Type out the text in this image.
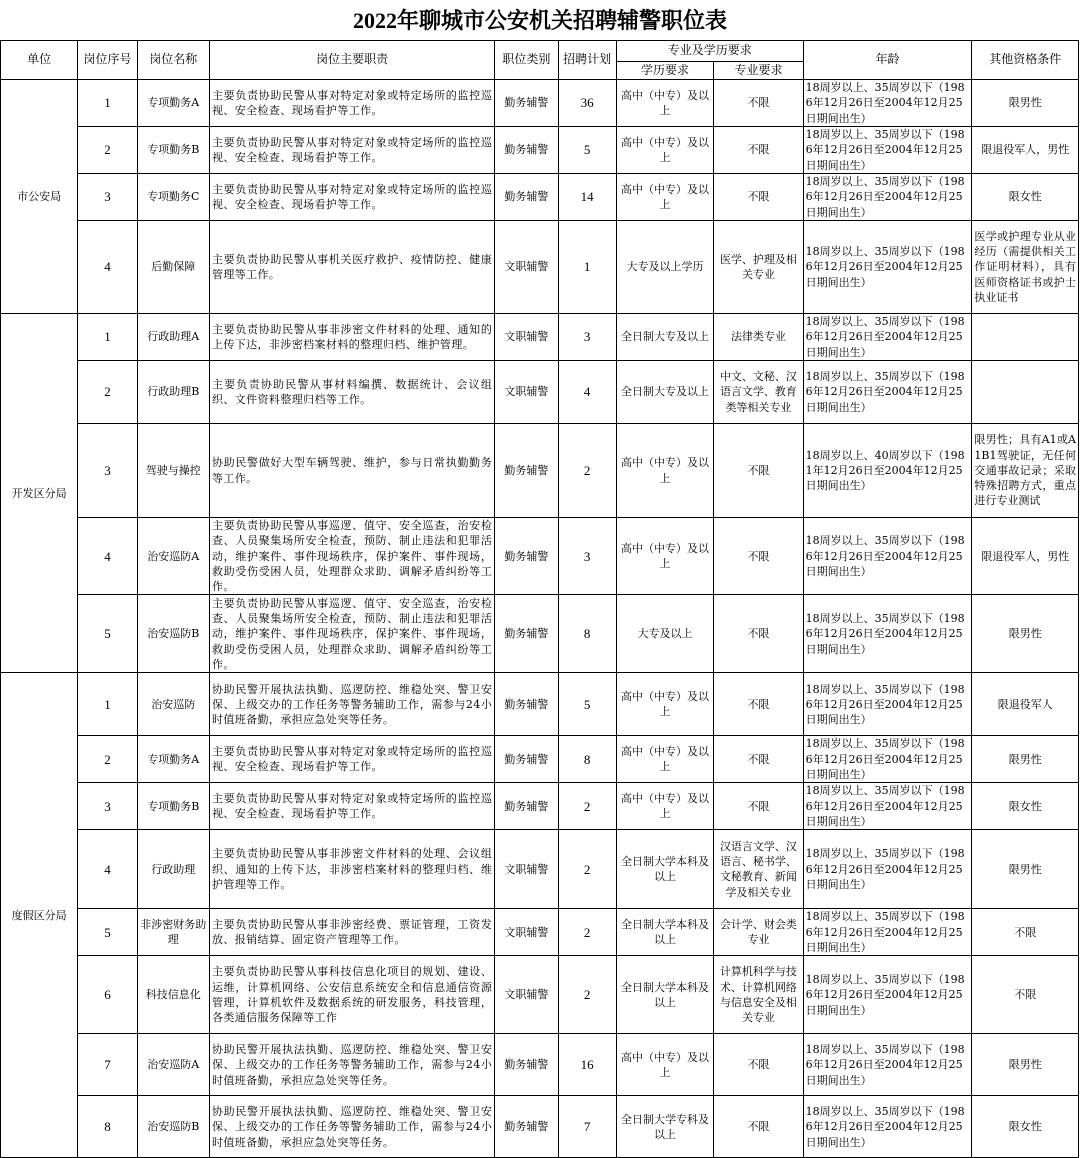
2022年聊城市公安机关招聘辅警职位表
单位	岗位序号	岗位名称	岗位主要职责	职位类别	招聘计划	专业及学历要求		年龄	其他资格条件
						学历要求	专业要求		
市公安局	1	专项勤务A	主要负责协助民警从事对特定对象或特定场所的监控巡视、安全检查、现场看护等工作。	勤务辅警	36	高中（中专）及以上	不限	18周岁以上、35周岁以下（1986年12月26日至2004年12月25日期间出生）	限男性
	2	专项勤务B	主要负责协助民警从事对特定对象或特定场所的监控巡视、安全检查、现场看护等工作。	勤务辅警	5	高中（中专）及以上	不限	18周岁以上、35周岁以下（1986年12月26日至2004年12月25日期间出生）	限退役军人，男性
	3	专项勤务C	主要负责协助民警从事对特定对象或特定场所的监控巡视、安全检查、现场看护等工作。	勤务辅警	14	高中（中专）及以上	不限	18周岁以上、35周岁以下（1986年12月26日至2004年12月25日期间出生）	限女性
	4	后勤保障	主要负责协助民警从事机关医疗救护、疫情防控、健康管理等工作。	文职辅警	1	大专及以上学历	医学、护理及相关专业	18周岁以上、35周岁以下（1986年12月26日至2004年12月25日期间出生）	医学或护理专业从业经历（需提供相关工作证明材料），具有医师资格证书或护士执业证书
开发区分局	1	行政助理A	主要负责协助民警从事非涉密文件材料的处理、通知的上传下达，非涉密档案材料的整理归档、维护管理。	文职辅警	3	全日制大专及以上	法律类专业	18周岁以上、35周岁以下（1986年12月26日至2004年12月25日期间出生）	
	2	行政助理B	主要负责协助民警从事材料编撰、数据统计、会议组织、文件资料整理归档等工作。	文职辅警	4	全日制大专及以上	中文、文秘、汉语言文学、教育类等相关专业	18周岁以上、35周岁以下（1986年12月26日至2004年12月25日期间出生）	
	3	驾驶与操控	协助民警做好大型车辆驾驶、维护，参与日常执勤勤务等工作。	勤务辅警	2	高中（中专）及以上	不限	18周岁以上、40周岁以下（1981年12月26日至2004年12月25日期间出生）	限男性；具有A1或A1B1驾驶证，无任何交通事故记录；采取特殊招聘方式，重点进行专业测试
	4	治安巡防A	主要负责协助民警从事巡逻、值守、安全巡查，治安检查、人员聚集场所安全检查，预防、制止违法和犯罪活动，维护案件、事件现场秩序，保护案件、事件现场，救助受伤受困人员，处理群众求助、调解矛盾纠纷等工作。	勤务辅警	3	高中（中专）及以上	不限	18周岁以上、35周岁以下（1986年12月26日至2004年12月25日期间出生）	限退役军人，男性
	5	治安巡防B	主要负责协助民警从事巡逻、值守、安全巡查，治安检查、人员聚集场所安全检查，预防、制止违法和犯罪活动，维护案件、事件现场秩序，保护案件、事件现场，救助受伤受困人员，处理群众求助、调解矛盾纠纷等工作。	勤务辅警	8	大专及以上	不限	18周岁以上、35周岁以下（1986年12月26日至2004年12月25日期间出生）	限男性
度假区分局	1	治安巡防	协助民警开展执法执勤、巡逻防控、维稳处突、警卫安保、上级交办的工作任务等警务辅助工作，需参与24小时值班备勤，承担应急处突等任务。	勤务辅警	5	高中（中专）及以上	不限	18周岁以上、35周岁以下（1986年12月26日至2004年12月25日期间出生）	限退役军人
	2	专项勤务A	主要负责协助民警从事对特定对象或特定场所的监控巡视、安全检查、现场看护等工作。	勤务辅警	8	高中（中专）及以上	不限	18周岁以上、35周岁以下（1986年12月26日至2004年12月25日期间出生）	限男性
	3	专项勤务B	主要负责协助民警从事对特定对象或特定场所的监控巡视、安全检查、现场看护等工作。	勤务辅警	2	高中（中专）及以上	不限	18周岁以上、35周岁以下（1986年12月26日至2004年12月25日期间出生）	限女性
	4	行政助理	主要负责协助民警从事非涉密文件材料的处理、会议组织、通知的上传下达，非涉密档案材料的整理归档、维护管理等工作。	文职辅警	2	全日制大学本科及以上	汉语言文学、汉语言、秘书学、文秘教育、新闻学及相关专业	18周岁以上、35周岁以下（1986年12月26日至2004年12月25日期间出生）	限男性
	5	非涉密财务助理	主要负责协助民警从事非涉密经费、票证管理，工资发放、报销结算、固定资产管理等工作。	文职辅警	2	全日制大学本科及以上	会计学、财会类专业	18周岁以上、35周岁以下（1986年12月26日至2004年12月25日期间出生）	不限
	6	科技信息化	主要负责协助民警从事科技信息化项目的规划、建设、运维，计算机网络、公安信息系统安全和信息通信资源管理，计算机软件及数据系统的研发服务，科技管理，各类通信服务保障等工作	文职辅警	2	全日制大学本科及以上	计算机科学与技术、计算机网络与信息安全及相关专业	18周岁以上、35周岁以下（1986年12月26日至2004年12月25日期间出生）	不限
	7	治安巡防A	协助民警开展执法执勤、巡逻防控、维稳处突、警卫安保、上级交办的工作任务等警务辅助工作，需参与24小时值班备勤，承担应急处突等任务。	勤务辅警	16	高中（中专）及以上	不限	18周岁以上、35周岁以下（1986年12月26日至2004年12月25日期间出生）	限男性
	8	治安巡防B	协助民警开展执法执勤、巡逻防控、维稳处突、警卫安保、上级交办的工作任务等警务辅助工作，需参与24小时值班备勤，承担应急处突等任务。	勤务辅警	7	全日制大学专科及以上	不限	18周岁以上、35周岁以下（1986年12月26日至2004年12月25日期间出生）	限女性
